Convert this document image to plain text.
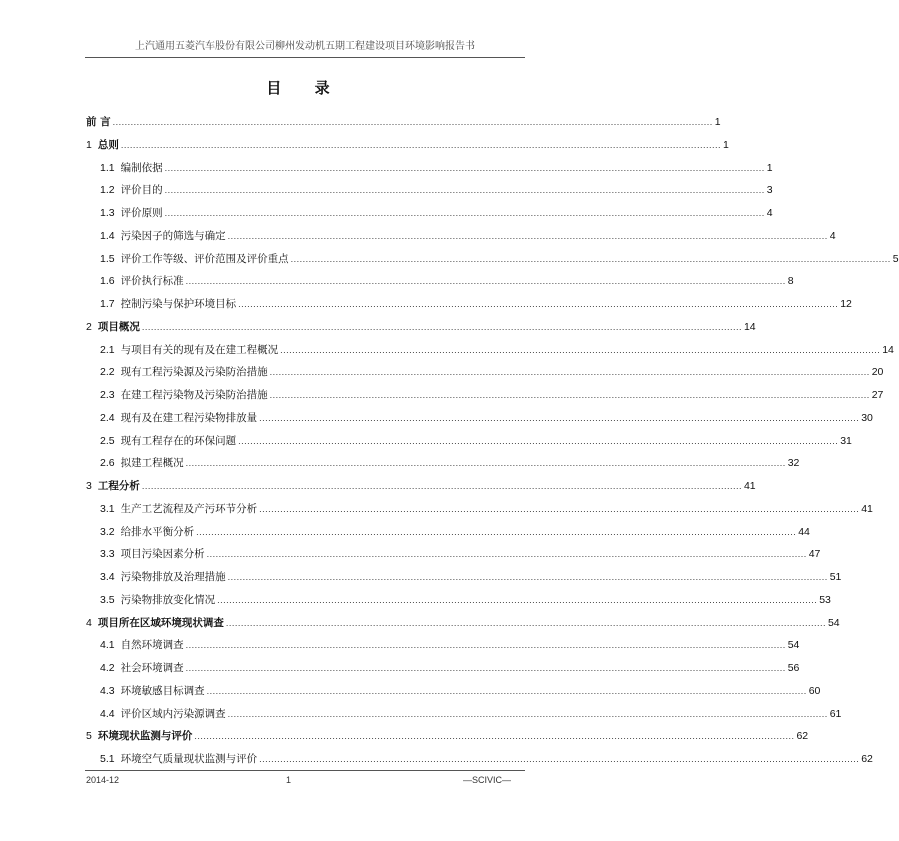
上汽通用五菱汽车股份有限公司柳州发动机五期工程建设项目环境影响报告书
目 录
前 言 ........................................................................................................................................................................................................ 1
1 总则 ........................................................................................................................................................................................................ 1
1.1 编制依据 ........................................................................................................................................................................................................ 1
1.2 评价目的 ........................................................................................................................................................................................................ 3
1.3 评价原则 ........................................................................................................................................................................................................ 4
1.4 污染因子的筛选与确定 ........................................................................................................................................................................................................ 4
1.5 评价工作等级、评价范围及评价重点 ........................................................................................................................................................................................................ 5
1.6 评价执行标准 ........................................................................................................................................................................................................ 8
1.7 控制污染与保护环境目标 ........................................................................................................................................................................................................ 12
2 项目概况 ........................................................................................................................................................................................................ 14
2.1 与项目有关的现有及在建工程概况 ........................................................................................................................................................................................................ 14
2.2 现有工程污染源及污染防治措施 ........................................................................................................................................................................................................ 20
2.3 在建工程污染物及污染防治措施 ........................................................................................................................................................................................................ 27
2.4 现有及在建工程污染物排放量 ........................................................................................................................................................................................................ 30
2.5 现有工程存在的环保问题 ........................................................................................................................................................................................................ 31
2.6 拟建工程概况 ........................................................................................................................................................................................................ 32
3 工程分析 ........................................................................................................................................................................................................ 41
3.1 生产工艺流程及产污环节分析 ........................................................................................................................................................................................................ 41
3.2 给排水平衡分析 ........................................................................................................................................................................................................ 44
3.3 项目污染因素分析 ........................................................................................................................................................................................................ 47
3.4 污染物排放及治理措施 ........................................................................................................................................................................................................ 51
3.5 污染物排放变化情况 ........................................................................................................................................................................................................ 53
4 项目所在区域环境现状调查 ........................................................................................................................................................................................................ 54
4.1 自然环境调查 ........................................................................................................................................................................................................ 54
4.2 社会环境调查 ........................................................................................................................................................................................................ 56
4.3 环境敏感目标调查 ........................................................................................................................................................................................................ 60
4.4 评价区域内污染源调查 ........................................................................................................................................................................................................ 61
5 环境现状监测与评价 ........................................................................................................................................................................................................ 62
5.1 环境空气质量现状监测与评价 ........................................................................................................................................................................................................ 62
2014-12	1	—SCIVIC—
